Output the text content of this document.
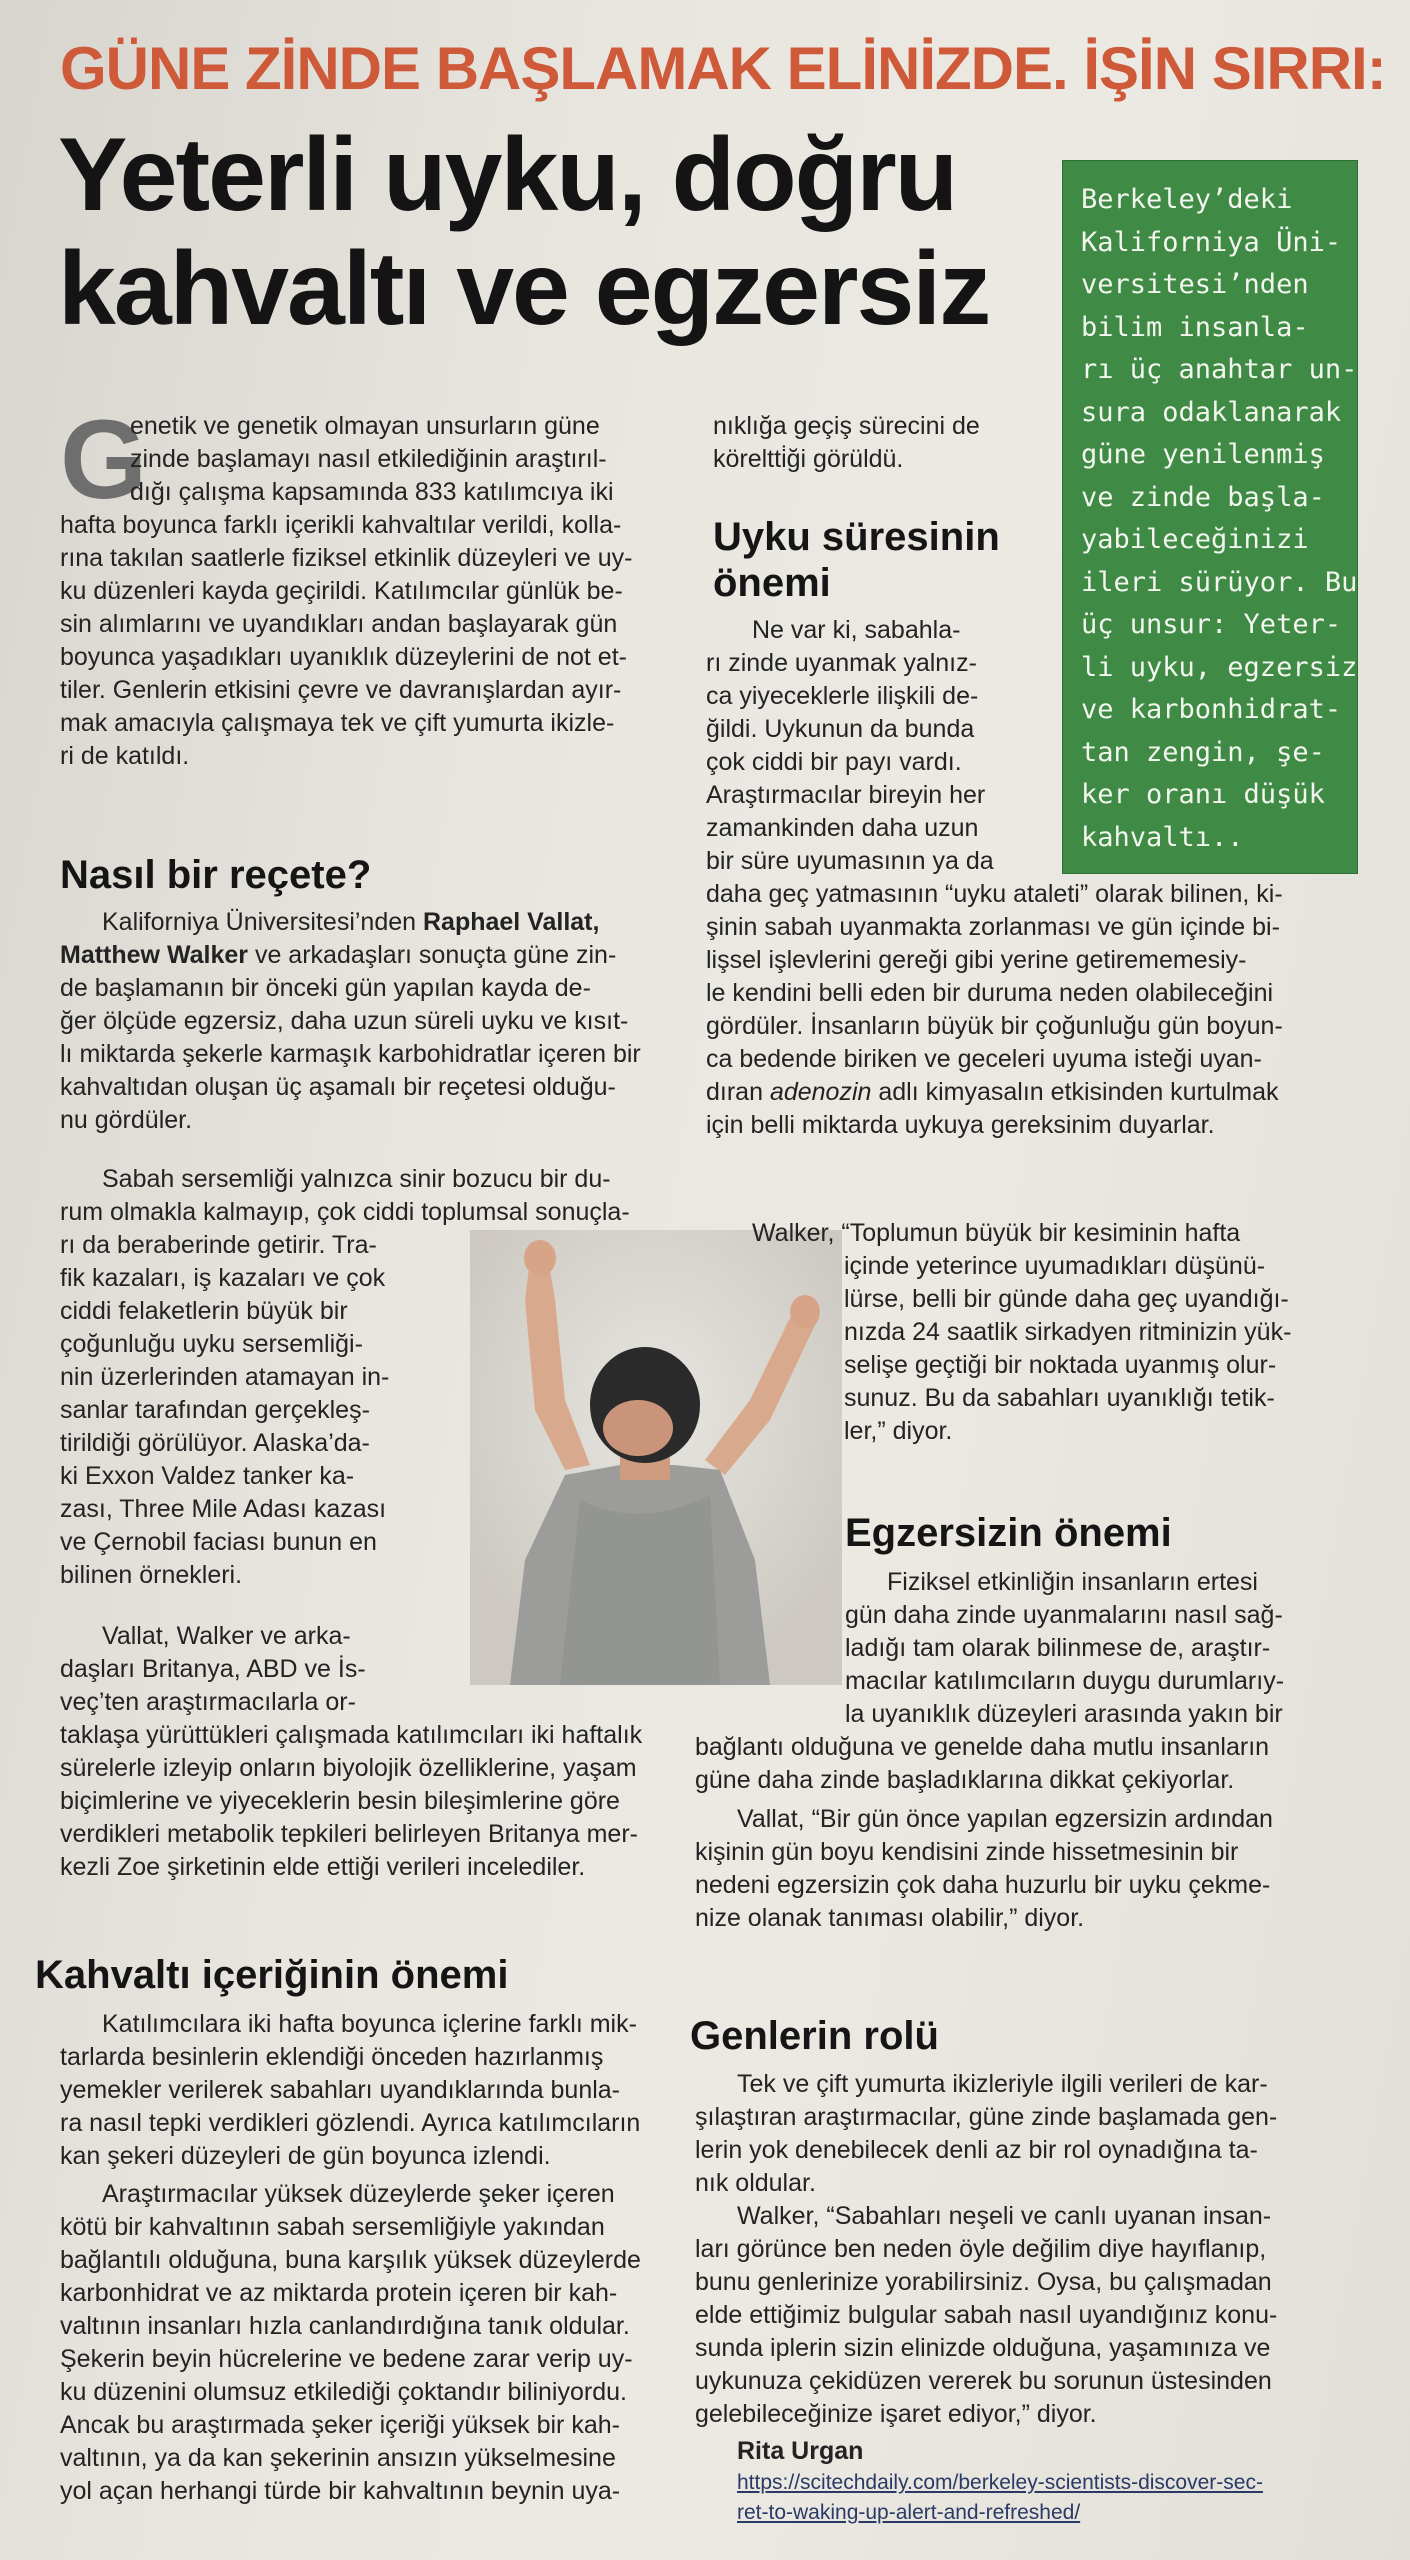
GÜNE ZİNDE BAŞLAMAK ELİNİZDE. İŞİN SIRRI:
Yeterli uyku, doğru
kahvaltı ve egzersiz
Berkeley’deki
Kaliforniya Üni-
versitesi’nden
bilim insanla-
rı üç anahtar un-
sura odaklanarak
güne yenilenmiş
ve zinde başla-
yabileceğinizi
ileri sürüyor. Bu
üç unsur: Yeter-
li uyku, egzersiz
ve karbonhidrat-
tan zengin, şe-
ker oranı düşük
kahvaltı..
G
enetik ve genetik olmayan unsurların güne
zinde başlamayı nasıl etkilediğinin araştırıl-
dığı çalışma kapsamında 833 katılımcıya iki
hafta boyunca farklı içerikli kahvaltılar verildi, kolla-
rına takılan saatlerle fiziksel etkinlik düzeyleri ve uy-
ku düzenleri kayda geçirildi. Katılımcılar günlük be-
sin alımlarını ve uyandıkları andan başlayarak gün
boyunca yaşadıkları uyanıklık düzeylerini de not et-
tiler. Genlerin etkisini çevre ve davranışlardan ayır-
mak amacıyla çalışmaya tek ve çift yumurta ikizle-
ri de katıldı.
Nasıl bir reçete?
Kaliforniya Üniversitesi’nden Raphael Vallat,
Matthew Walker ve arkadaşları sonuçta güne zin-
de başlamanın bir önceki gün yapılan kayda de-
ğer ölçüde egzersiz, daha uzun süreli uyku ve kısıt-
lı miktarda şekerle karmaşık karbohidratlar içeren bir
kahvaltıdan oluşan üç aşamalı bir reçetesi olduğu-
nu gördüler.
Sabah sersemliği yalnızca sinir bozucu bir du-
rum olmakla kalmayıp, çok ciddi toplumsal sonuçla-
rı da beraberinde getirir. Tra-
fik kazaları, iş kazaları ve çok
ciddi felaketlerin büyük bir
çoğunluğu uyku sersemliği-
nin üzerlerinden atamayan in-
sanlar tarafından gerçekleş-
tirildiği görülüyor. Alaska’da-
ki Exxon Valdez tanker ka-
zası, Three Mile Adası kazası
ve Çernobil faciası bunun en
bilinen örnekleri.
Vallat, Walker ve arka-
daşları Britanya, ABD ve İs-
veç’ten araştırmacılarla or-
taklaşa yürüttükleri çalışmada katılımcıları iki haftalık
sürelerle izleyip onların biyolojik özelliklerine, yaşam
biçimlerine ve yiyeceklerin besin bileşimlerine göre
verdikleri metabolik tepkileri belirleyen Britanya mer-
kezli Zoe şirketinin elde ettiği verileri incelediler.
Kahvaltı içeriğinin önemi
Katılımcılara iki hafta boyunca içlerine farklı mik-
tarlarda besinlerin eklendiği önceden hazırlanmış
yemekler verilerek sabahları uyandıklarında bunla-
ra nasıl tepki verdikleri gözlendi. Ayrıca katılımcıların
kan şekeri düzeyleri de gün boyunca izlendi.
Araştırmacılar yüksek düzeylerde şeker içeren
kötü bir kahvaltının sabah sersemliğiyle yakından
bağlantılı olduğuna, buna karşılık yüksek düzeylerde
karbonhidrat ve az miktarda protein içeren bir kah-
valtının insanları hızla canlandırdığına tanık oldular.
Şekerin beyin hücrelerine ve bedene zarar verip uy-
ku düzenini olumsuz etkilediği çoktandır biliniyordu.
Ancak bu araştırmada şeker içeriği yüksek bir kah-
valtının, ya da kan şekerinin ansızın yükselmesine
yol açan herhangi türde bir kahvaltının beynin uya-
nıklığa geçiş sürecini de
köreltti̇ği görüldü.
Uyku süresinin
önemi
Ne var ki, sabahla-
rı zinde uyanmak yalnız-
ca yiyeceklerle ilişkili de-
ğildi. Uykunun da bunda
çok ciddi bir payı vardı.
Araştırmacılar bireyin her
zamankinden daha uzun
bir süre uyumasının ya da
daha geç yatmasının “uyku ataleti” olarak bilinen, ki-
şinin sabah uyanmakta zorlanması ve gün içinde bi-
lişsel işlevlerini gereği gibi yerine getirememesiy-
le kendini belli eden bir duruma neden olabileceğini
gördüler. İnsanların büyük bir çoğunluğu gün boyun-
ca bedende biriken ve geceleri uyuma isteği uyan-
dıran adenozin adlı kimyasalın etkisinden kurtulmak
için belli miktarda uykuya gereksinim duyarlar.
Walker, “Toplumun büyük bir kesiminin hafta
içinde yeterince uyumadıkları düşünü-
lürse, belli bir günde daha geç uyandığı-
nızda 24 saatlik sirkadyen ritminizin yük-
selişe geçtiği bir noktada uyanmış olur-
sunuz. Bu da sabahları uyanıklığı tetik-
ler,” diyor.
Egzersizin önemi
Fiziksel etkinliğin insanların ertesi
gün daha zinde uyanmalarını nasıl sağ-
ladığı tam olarak bilinmese de, araştır-
macılar katılımcıların duygu durumlarıy-
la uyanıklık düzeyleri arasında yakın bir
bağlantı olduğuna ve genelde daha mutlu insanların
güne daha zinde başladıklarına dikkat çekiyorlar.
Vallat, “Bir gün önce yapılan egzersizin ardından
kişinin gün boyu kendisini zinde hissetmesinin bir
nedeni egzersizin çok daha huzurlu bir uyku çekme-
nize olanak tanıması olabilir,” diyor.
Genlerin rolü
Tek ve çift yumurta ikizleriyle ilgili verileri de kar-
şılaştıran araştırmacılar, güne zinde başlamada gen-
lerin yok denebilecek denli az bir rol oynadığına ta-
nık oldular.
Walker, “Sabahları neşeli ve canlı uyanan insan-
ları görünce ben neden öyle değilim diye hayıflanıp,
bunu genlerinize yorabilirsiniz. Oysa, bu çalışmadan
elde ettiğimiz bulgular sabah nasıl uyandığınız konu-
sunda iplerin sizin elinizde olduğuna, yaşamınıza ve
uykunuza çekidüzen vererek bu sorunun üstesinden
gelebileceğinize işaret ediyor,” diyor.
Rita Urgan
https://scitechdaily.com/berkeley-scientists-discover-sec-
ret-to-waking-up-alert-and-refreshed/
